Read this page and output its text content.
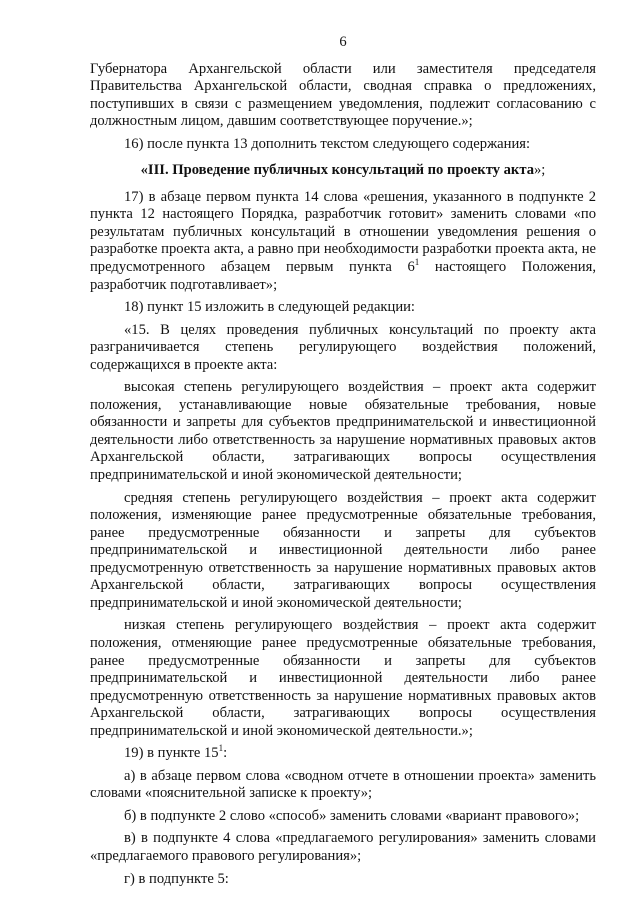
6

Губернатора Архангельской области или заместителя председателя Правительства Архангельской области, сводная справка о предложениях, поступивших в связи с размещением уведомления, подлежит согласованию с должностным лицом, давшим соответствующее поручение.»;

16) после пункта 13 дополнить текстом следующего содержания:

«III. Проведение публичных консультаций по проекту акта»;

17) в абзаце первом пункта 14 слова «решения, указанного в подпункте 2 пункта 12 настоящего Порядка, разработчик готовит» заменить словами «по результатам публичных консультаций в отношении уведомления решения о разработке проекта акта, а равно при необходимости разработки проекта акта, не предусмотренного абзацем первым пункта $6^1$ настоящего Положения, разработчик подготавливает»;

18) пункт 15 изложить в следующей редакции:

«15. В целях проведения публичных консультаций по проекту акта разграничивается степень регулирующего воздействия положений, содержащихся в проекте акта:

высокая степень регулирующего воздействия – проект акта содержит положения, устанавливающие новые обязательные требования, новые обязанности и запреты для субъектов предпринимательской и инвестиционной деятельности либо ответственность за нарушение нормативных правовых актов Архангельской области, затрагивающих вопросы осуществления предпринимательской и иной экономической деятельности;

средняя степень регулирующего воздействия – проект акта содержит положения, изменяющие ранее предусмотренные обязательные требования, ранее предусмотренные обязанности и запреты для субъектов предпринимательской и инвестиционной деятельности либо ранее предусмотренную ответственность за нарушение нормативных правовых актов Архангельской области, затрагивающих вопросы осуществления предпринимательской и иной экономической деятельности;

низкая степень регулирующего воздействия – проект акта содержит положения, отменяющие ранее предусмотренные обязательные требования, ранее предусмотренные обязанности и запреты для субъектов предпринимательской и инвестиционной деятельности либо ранее предусмотренную ответственность за нарушение нормативных правовых актов Архангельской области, затрагивающих вопросы осуществления предпринимательской и иной экономической деятельности.»;

19) в пункте $15^1$:

а) в абзаце первом слова «сводном отчете в отношении проекта» заменить словами «пояснительной записке к проекту»;

б) в подпункте 2 слово «способ» заменить словами «вариант правового»;

в) в подпункте 4 слова «предлагаемого регулирования» заменить словами «предлагаемого правового регулирования»;

г) в подпункте 5:
